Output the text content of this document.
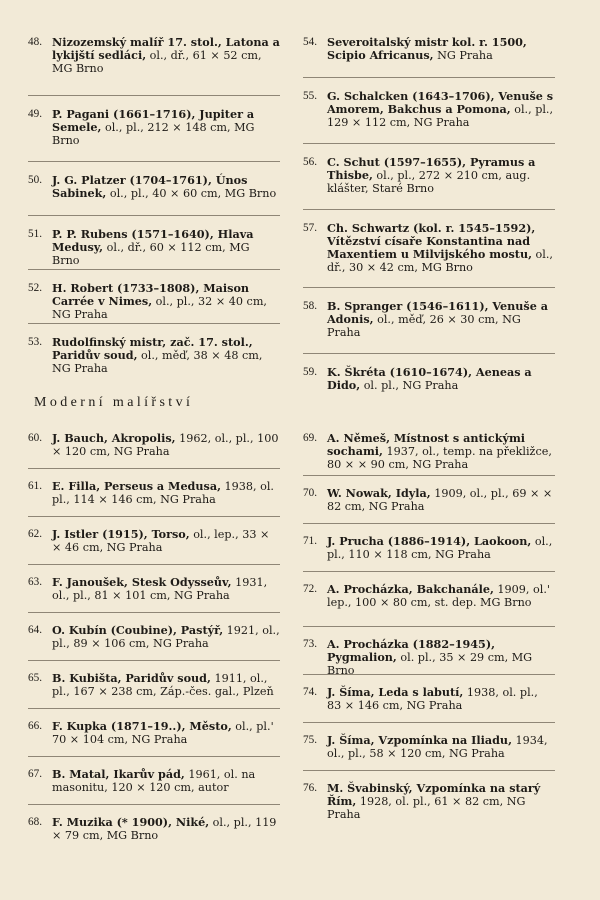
48. Nizozemský malíř 17. stol., Latona a lykijští sedláci, ol., dř., 61 × 52 cm, MG Brno
49. P. Pagani (1661–1716), Jupiter a Semele, ol., pl., 212 × 148 cm, MG Brno
50. J. G. Platzer (1704–1761), Únos Sabinek, ol., pl., 40 × 60 cm, MG Brno
51. P. P. Rubens (1571–1640), Hlava Medusy, ol., dř., 60 × 112 cm, MG Brno
52. H. Robert (1733–1808), Maison Carrée v Nimes, ol., pl., 32 × 40 cm, NG Praha
53. Rudolfinský mistr, zač. 17. stol., Paridův soud, ol., měď, 38 × 48 cm, NG Praha
54. Severoitalský mistr kol. r. 1500, Scipio Africanus, NG Praha
55. G. Schalcken (1643–1706), Venuše s Amorem, Bakchus a Pomona, ol., pl., 129 × 112 cm, NG Praha
56. C. Schut (1597–1655), Pyramus a Thisbe, ol., pl., 272 × 210 cm, aug. klášter, Staré Brno
57. Ch. Schwartz (kol. r. 1545–1592), Vítězství císaře Konstantina nad Maxentiem u Milvijského mostu, ol., dř., 30 × 42 cm, MG Brno
58. B. Spranger (1546–1611), Venuše a Adonis, ol., měď, 26 × 30 cm, NG Praha
59. K. Škréta (1610–1674), Aeneas a Dido, ol. pl., NG Praha
Moderní malířství
60. J. Bauch, Akropolis, 1962, ol., pl., 100 × 120 cm, NG Praha
61. E. Filla, Perseus a Medusa, 1938, ol. pl., 114 × 146 cm, NG Praha
62. J. Istler (1915), Torso, ol., lep., 33 × × 46 cm, NG Praha
63. F. Janoušek, Stesk Odysseův, 1931, ol., pl., 81 × 101 cm, NG Praha
64. O. Kubín (Coubine), Pastýř, 1921, ol., pl., 89 × 106 cm, NG Praha
65. B. Kubišta, Paridův soud, 1911, ol., pl., 167 × 238 cm, Záp.-čes. gal., Plzeň
66. F. Kupka (1871–19..), Město, ol., pl.' 70 × 104 cm, NG Praha
67. B. Matal, Ikarův pád, 1961, ol. na masonitu, 120 × 120 cm, autor
68. F. Muzika (* 1900), Niké, ol., pl., 119 × 79 cm, MG Brno
69. A. Němeš, Místnost s antickými sochami, 1937, ol., temp. na překližce, 80 × × 90 cm, NG Praha
70. W. Nowak, Idyla, 1909, ol., pl., 69 × × 82 cm, NG Praha
71. J. Prucha (1886–1914), Laokoon, ol., pl., 110 × 118 cm, NG Praha
72. A. Procházka, Bakchanále, 1909, ol.' lep., 100 × 80 cm, st. dep. MG Brno
73. A. Procházka (1882–1945), Pygmalion, ol. pl., 35 × 29 cm, MG Brno
74. J. Šíma, Leda s labutí, 1938, ol. pl., 83 × 146 cm, NG Praha
75. J. Šíma, Vzpomínka na Iliadu, 1934, ol., pl., 58 × 120 cm, NG Praha
76. M. Švabinský, Vzpomínka na starý Řím, 1928, ol. pl., 61 × 82 cm, NG Praha
